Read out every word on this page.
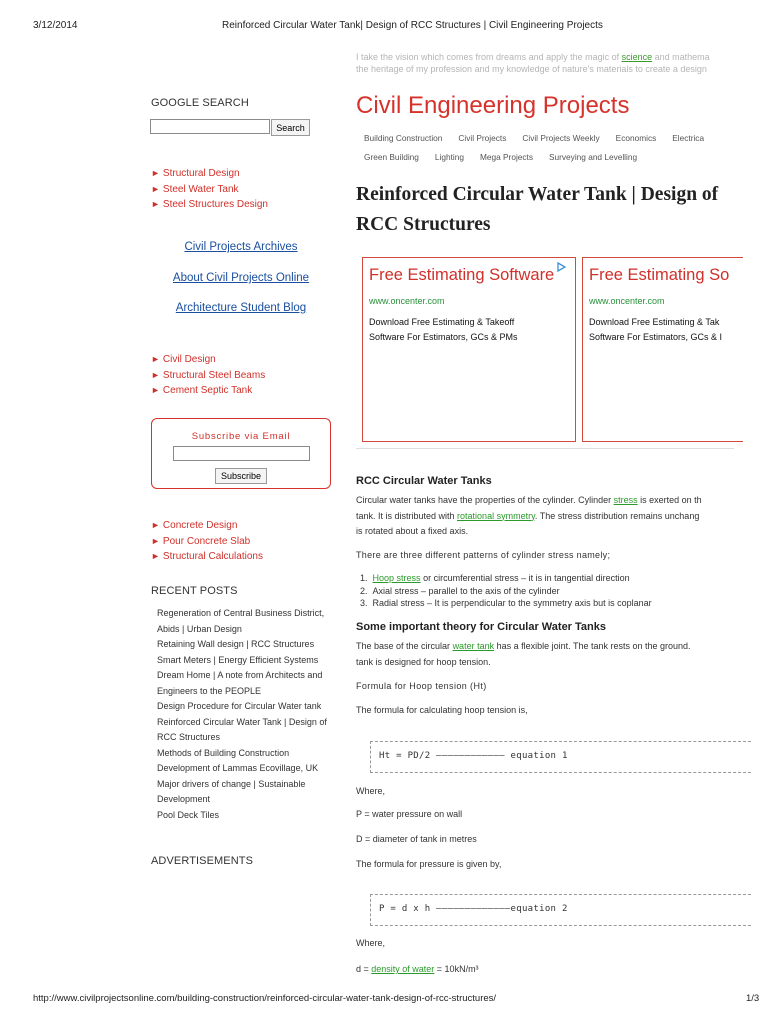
3/12/2014	Reinforced Circular Water Tank| Design of RCC Structures | Civil Engineering Projects
I take the vision which comes from dreams and apply the magic of science and mathema
the heritage of my profession and my knowledge of nature's materials to create a design
GOOGLE SEARCH
Search
► Structural Design
► Steel Water Tank
► Steel Structures Design
Civil Projects Archives
About Civil Projects Online
Architecture Student Blog
► Civil Design
► Structural Steel Beams
► Cement Septic Tank
Subscribe via Email
Subscribe
► Concrete Design
► Pour Concrete Slab
► Structural Calculations
RECENT POSTS
Regeneration of Central Business District, Abids | Urban Design
Retaining Wall design | RCC Structures
Smart Meters | Energy Efficient Systems
Dream Home | A note from Architects and Engineers to the PEOPLE
Design Procedure for Circular Water tank
Reinforced Circular Water Tank | Design of RCC Structures
Methods of Building Construction
Development of Lammas Ecovillage, UK
Major drivers of change | Sustainable Development
Pool Deck Tiles
ADVERTISEMENTS
Civil Engineering Projects
Building Construction Civil Projects Civil Projects Weekly Economics Electrica
Green Building Lighting Mega Projects Surveying and Levelling
Reinforced Circular Water Tank | Design of RCC Structures
Free Estimating Software
www.oncenter.com
Download Free Estimating & Takeoff
Software For Estimators, GCs & PMs
Free Estimating So
www.oncenter.com
Download Free Estimating & Tak
Software For Estimators, GCs & I
RCC Circular Water Tanks
Circular water tanks have the properties of the cylinder. Cylinder stress is exerted on th
tank. It is distributed with rotational symmetry. The stress distribution remains unchang
is rotated about a fixed axis.
There are three different patterns of cylinder stress namely;
1. Hoop stress or circumferential stress – it is in tangential direction
2. Axial stress – parallel to the axis of the cylinder
3. Radial stress – It is perpendicular to the symmetry axis but is coplanar
Some important theory for Circular Water Tanks
The base of the circular water tank has a flexible joint. The tank rests on the ground.
tank is designed for hoop tension.
Formula for Hoop tension (Ht)
The formula for calculating hoop tension is,
Ht = PD/2 ———————————— equation 1
Where,
P = water pressure on wall
D = diameter of tank in metres
The formula for pressure is given by,
P = d x h —————————————equation 2
Where,
d = density of water = 10kN/m³
http://www.civilprojectsonline.com/building-construction/reinforced-circular-water-tank-design-of-rcc-structures/	1/3
